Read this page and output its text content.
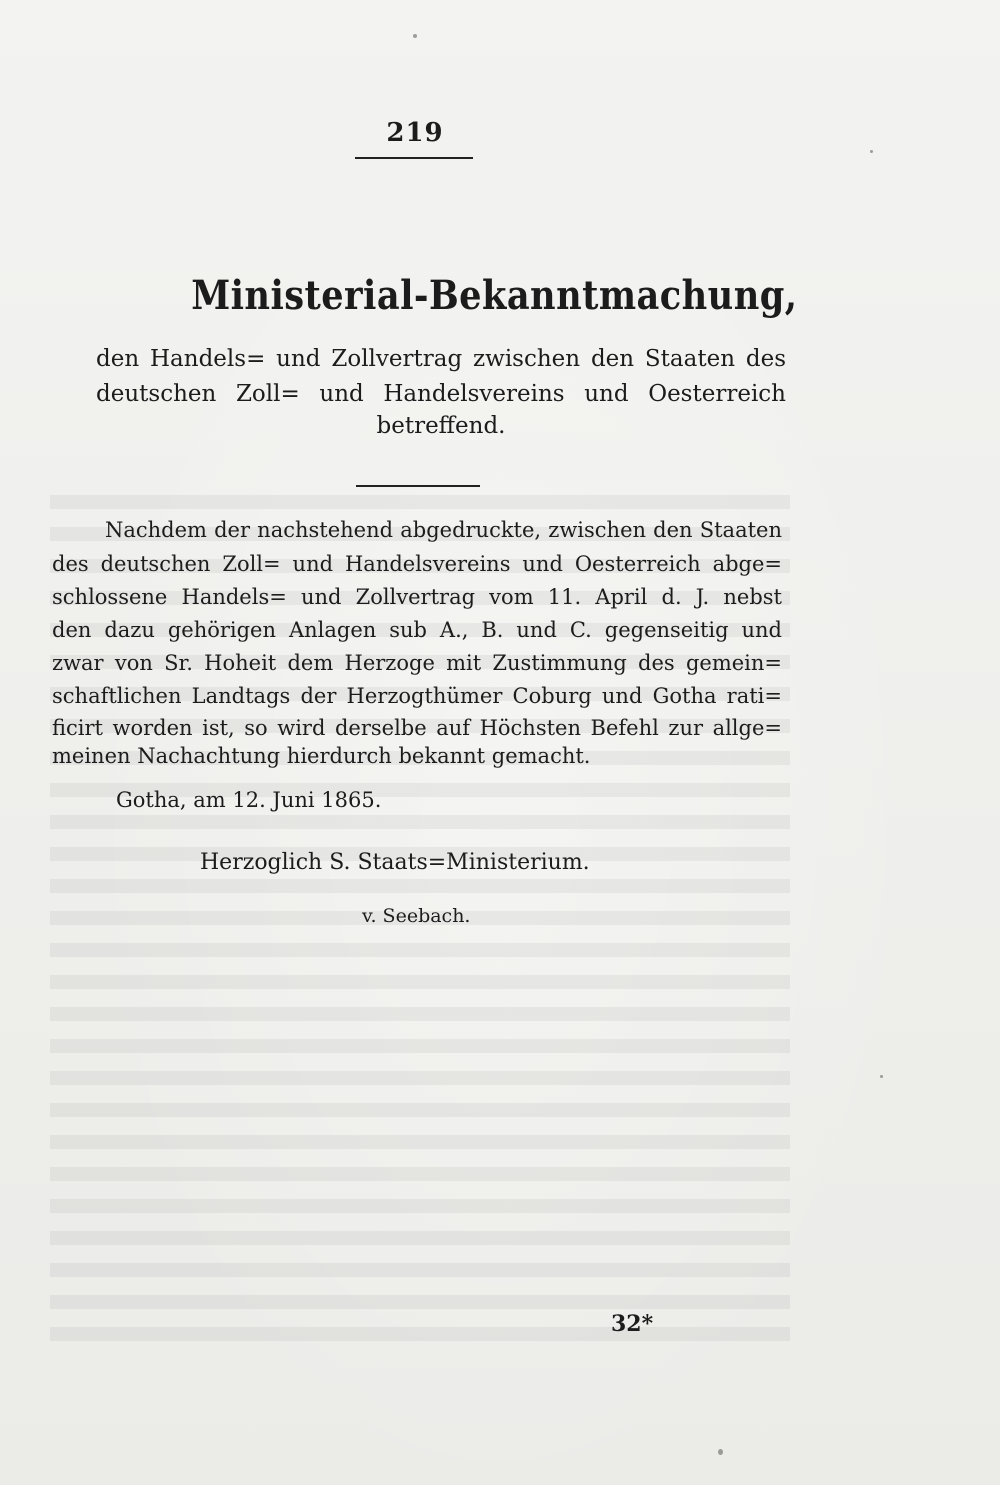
219
Ministerial-Bekanntmachung,
den Handels= und Zollvertrag zwischen den Staaten des
deutschen Zoll= und Handelsvereins und Oesterreich
betreffend.
Nachdem der nachstehend abgedruckte, zwischen den Staaten
des deutschen Zoll= und Handelsvereins und Oesterreich abge=
schlossene Handels= und Zollvertrag vom 11. April d. J. nebst
den dazu gehörigen Anlagen sub A., B. und C. gegenseitig und
zwar von Sr. Hoheit dem Herzoge mit Zustimmung des gemein=
schaftlichen Landtags der Herzogthümer Coburg und Gotha rati=
ficirt worden ist, so wird derselbe auf Höchsten Befehl zur allge=
meinen Nachachtung hierdurch bekannt gemacht.
Gotha, am 12. Juni 1865.
Herzoglich S. Staats=Ministerium.
v. Seebach.
32*
